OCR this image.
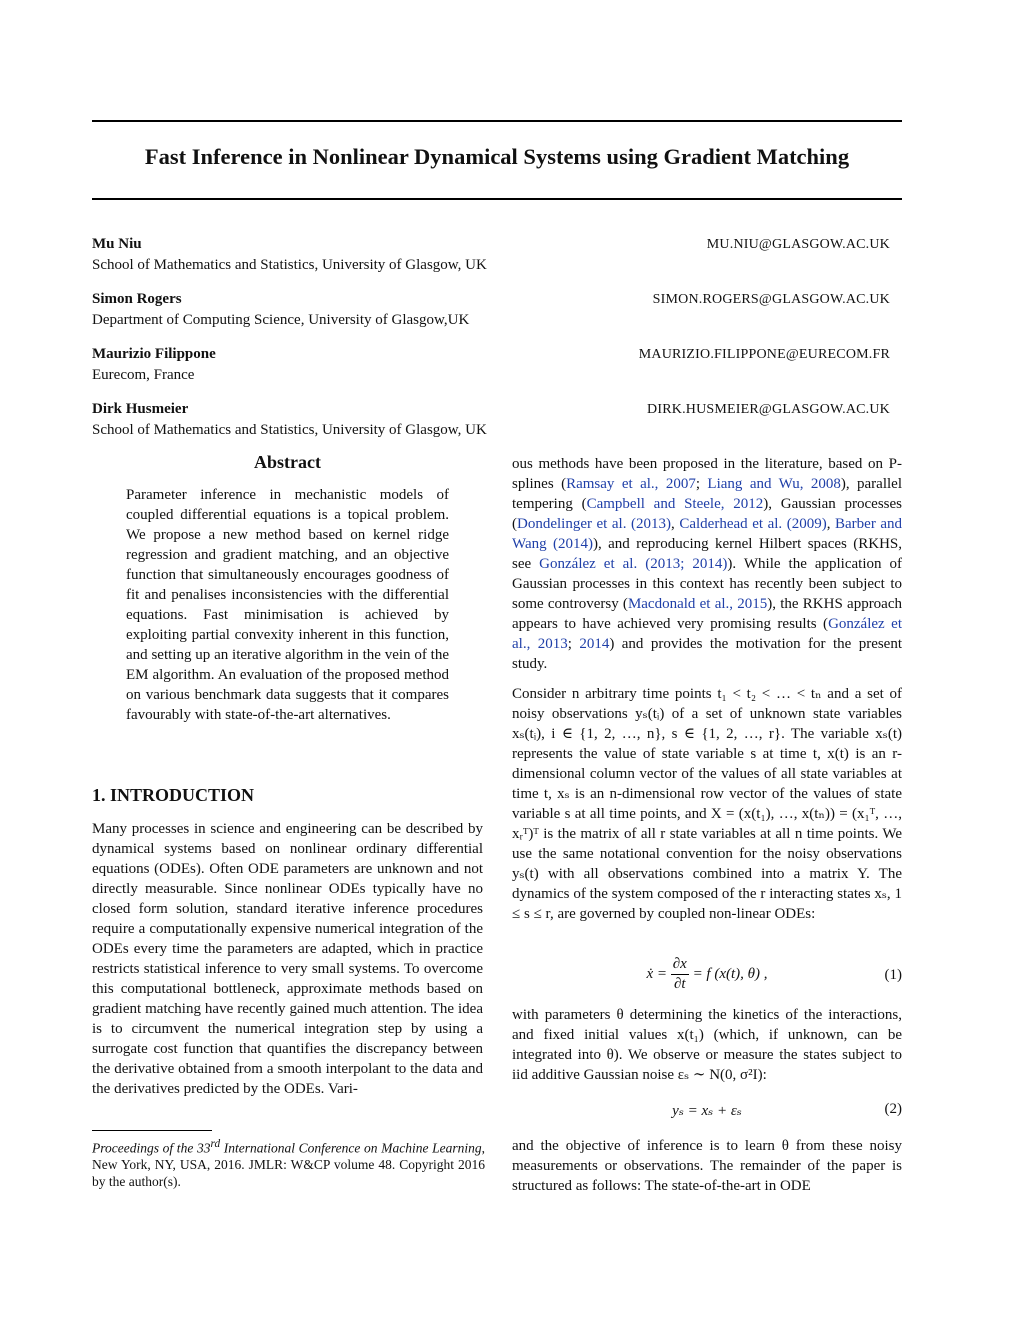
Fast Inference in Nonlinear Dynamical Systems using Gradient Matching
Mu Niu	MU.NIU@GLASGOW.AC.UK
School of Mathematics and Statistics, University of Glasgow, UK
Simon Rogers	SIMON.ROGERS@GLASGOW.AC.UK
Department of Computing Science, University of Glasgow,UK
Maurizio Filippone	MAURIZIO.FILIPPONE@EURECOM.FR
Eurecom, France
Dirk Husmeier	DIRK.HUSMEIER@GLASGOW.AC.UK
School of Mathematics and Statistics, University of Glasgow, UK
Abstract
Parameter inference in mechanistic models of coupled differential equations is a topical problem. We propose a new method based on kernel ridge regression and gradient matching, and an objective function that simultaneously encourages goodness of fit and penalises inconsistencies with the differential equations. Fast minimisation is achieved by exploiting partial convexity inherent in this function, and setting up an iterative algorithm in the vein of the EM algorithm. An evaluation of the proposed method on various benchmark data suggests that it compares favourably with state-of-the-art alternatives.
1. INTRODUCTION
Many processes in science and engineering can be described by dynamical systems based on nonlinear ordinary differential equations (ODEs). Often ODE parameters are unknown and not directly measurable. Since nonlinear ODEs typically have no closed form solution, standard iterative inference procedures require a computationally expensive numerical integration of the ODEs every time the parameters are adapted, which in practice restricts statistical inference to very small systems. To overcome this computational bottleneck, approximate methods based on gradient matching have recently gained much attention. The idea is to circumvent the numerical integration step by using a surrogate cost function that quantifies the discrepancy between the derivative obtained from a smooth interpolant to the data and the derivatives predicted by the ODEs. Vari-
Proceedings of the 33rd International Conference on Machine Learning, New York, NY, USA, 2016. JMLR: W&CP volume 48. Copyright 2016 by the author(s).
ous methods have been proposed in the literature, based on P-splines (Ramsay et al., 2007; Liang and Wu, 2008), parallel tempering (Campbell and Steele, 2012), Gaussian processes (Dondelinger et al. (2013), Calderhead et al. (2009), Barber and Wang (2014)), and reproducing kernel Hilbert spaces (RKHS, see González et al. (2013; 2014)). While the application of Gaussian processes in this context has recently been subject to some controversy (Macdonald et al., 2015), the RKHS approach appears to have achieved very promising results (González et al., 2013; 2014) and provides the motivation for the present study.
Consider n arbitrary time points t₁ < t₂ < … < tₙ and a set of noisy observations yₛ(tᵢ) of a set of unknown state variables xₛ(tᵢ), i ∈ {1, 2, …, n}, s ∈ {1, 2, …, r}. The variable xₛ(t) represents the value of state variable s at time t, x(t) is an r-dimensional column vector of the values of all state variables at time t, xₛ is an n-dimensional row vector of the values of state variable s at all time points, and X = (x(t₁), …, x(tₙ)) = (x₁ᵀ, …, xᵣᵀ)ᵀ is the matrix of all r state variables at all n time points. We use the same notational convention for the noisy observations yₛ(t) with all observations combined into a matrix Y. The dynamics of the system composed of the r interacting states xₛ, 1 ≤ s ≤ r, are governed by coupled non-linear ODEs:
ẋ = $\frac{\partial x}{\partial t} = f$ (x(t), θ) ,	(1)
with parameters θ determining the kinetics of the interactions, and fixed initial values x(t₁) (which, if unknown, can be integrated into θ). We observe or measure the states subject to iid additive Gaussian noise εₛ ∼ N(0, σ²I):
yₛ = xₛ + εₛ	(2)
and the objective of inference is to learn θ from these noisy measurements or observations. The remainder of the paper is structured as follows: The state-of-the-art in ODE
